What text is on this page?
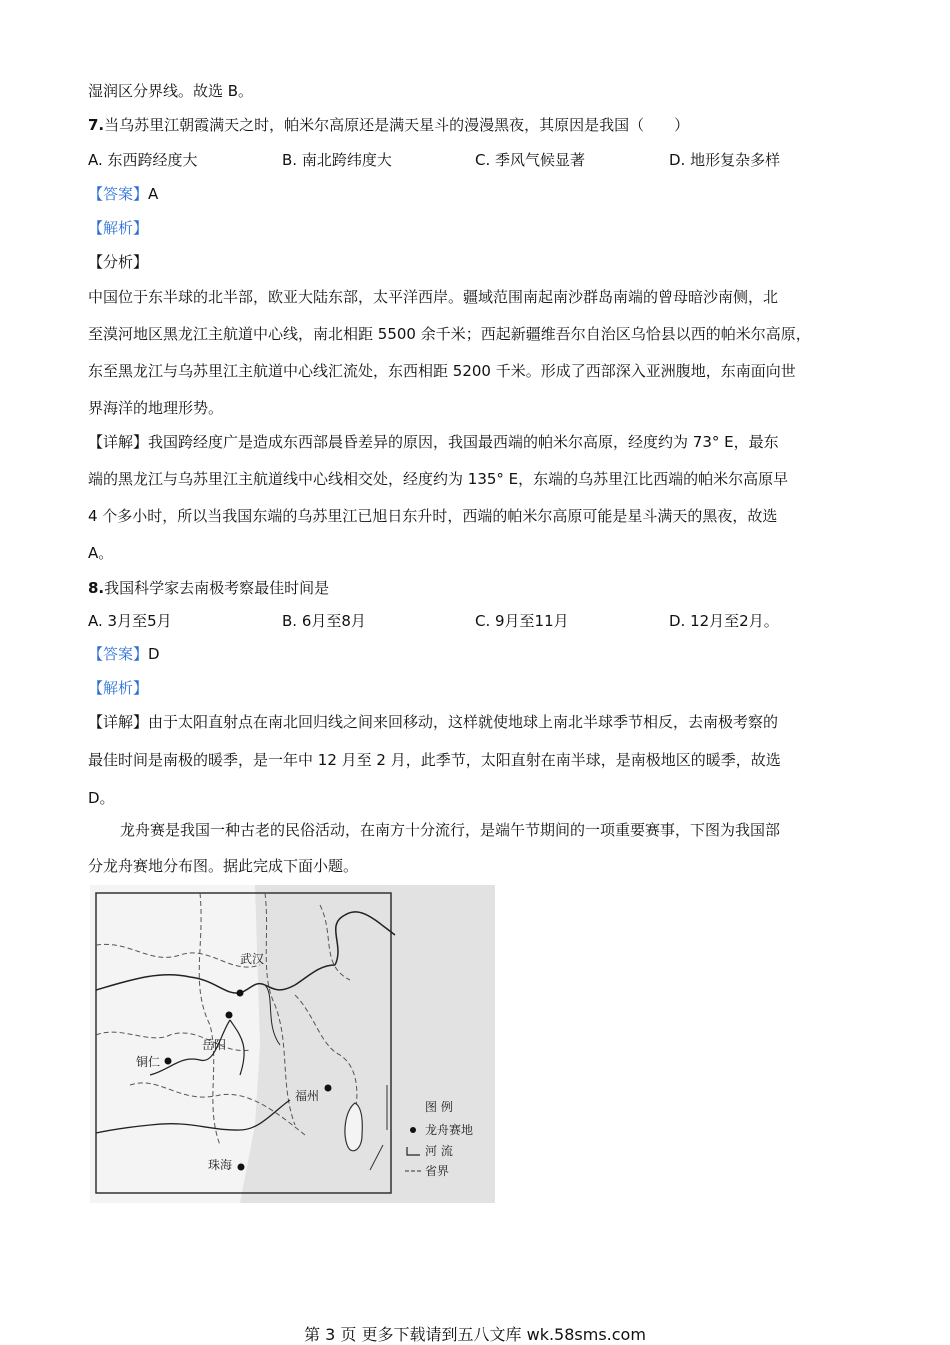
湿润区分界线。故选 B。
7.当乌苏里江朝霞满天之时，帕米尔高原还是满天星斗的漫漫黑夜，其原因是我国（　　）
A. 东西跨经度大	B. 南北跨纬度大	C. 季风气候显著	D. 地形复杂多样
【答案】A
【解析】
【分析】
中国位于东半球的北半部，欧亚大陆东部，太平洋西岸。疆域范围南起南沙群岛南端的曾母暗沙南侧，北
至漠河地区黑龙江主航道中心线，南北相距 5500 余千米；西起新疆维吾尔自治区乌恰县以西的帕米尔高原，
东至黑龙江与乌苏里江主航道中心线汇流处，东西相距 5200 千米。形成了西部深入亚洲腹地，东南面向世
界海洋的地理形势。
【详解】我国跨经度广是造成东西部晨昏差异的原因，我国最西端的帕米尔高原，经度约为 73° E，最东
端的黑龙江与乌苏里江主航道线中心线相交处，经度约为 135° E，东端的乌苏里江比西端的帕米尔高原早
4 个多小时，所以当我国东端的乌苏里江已旭日东升时，西端的帕米尔高原可能是星斗满天的黑夜，故选
A。
8.我国科学家去南极考察最佳时间是
A. 3月至5月	B. 6月至8月	C. 9月至11月	D. 12月至2月。
【答案】D
【解析】
【详解】由于太阳直射点在南北回归线之间来回移动，这样就使地球上南北半球季节相反，去南极考察的
最佳时间是南极的暖季，是一年中 12 月至 2 月，此季节，太阳直射在南半球，是南极地区的暖季，故选
D。
龙舟赛是我国一种古老的民俗活动，在南方十分流行，是端午节期间的一项重要赛事，下图为我国部
分龙舟赛地分布图。据此完成下面小题。
武汉
岳阳
铜仁
福州
珠海
图 例
龙舟赛地
河 流
省界
第 3 页 更多下载请到五八文库 wk.58sms.com
